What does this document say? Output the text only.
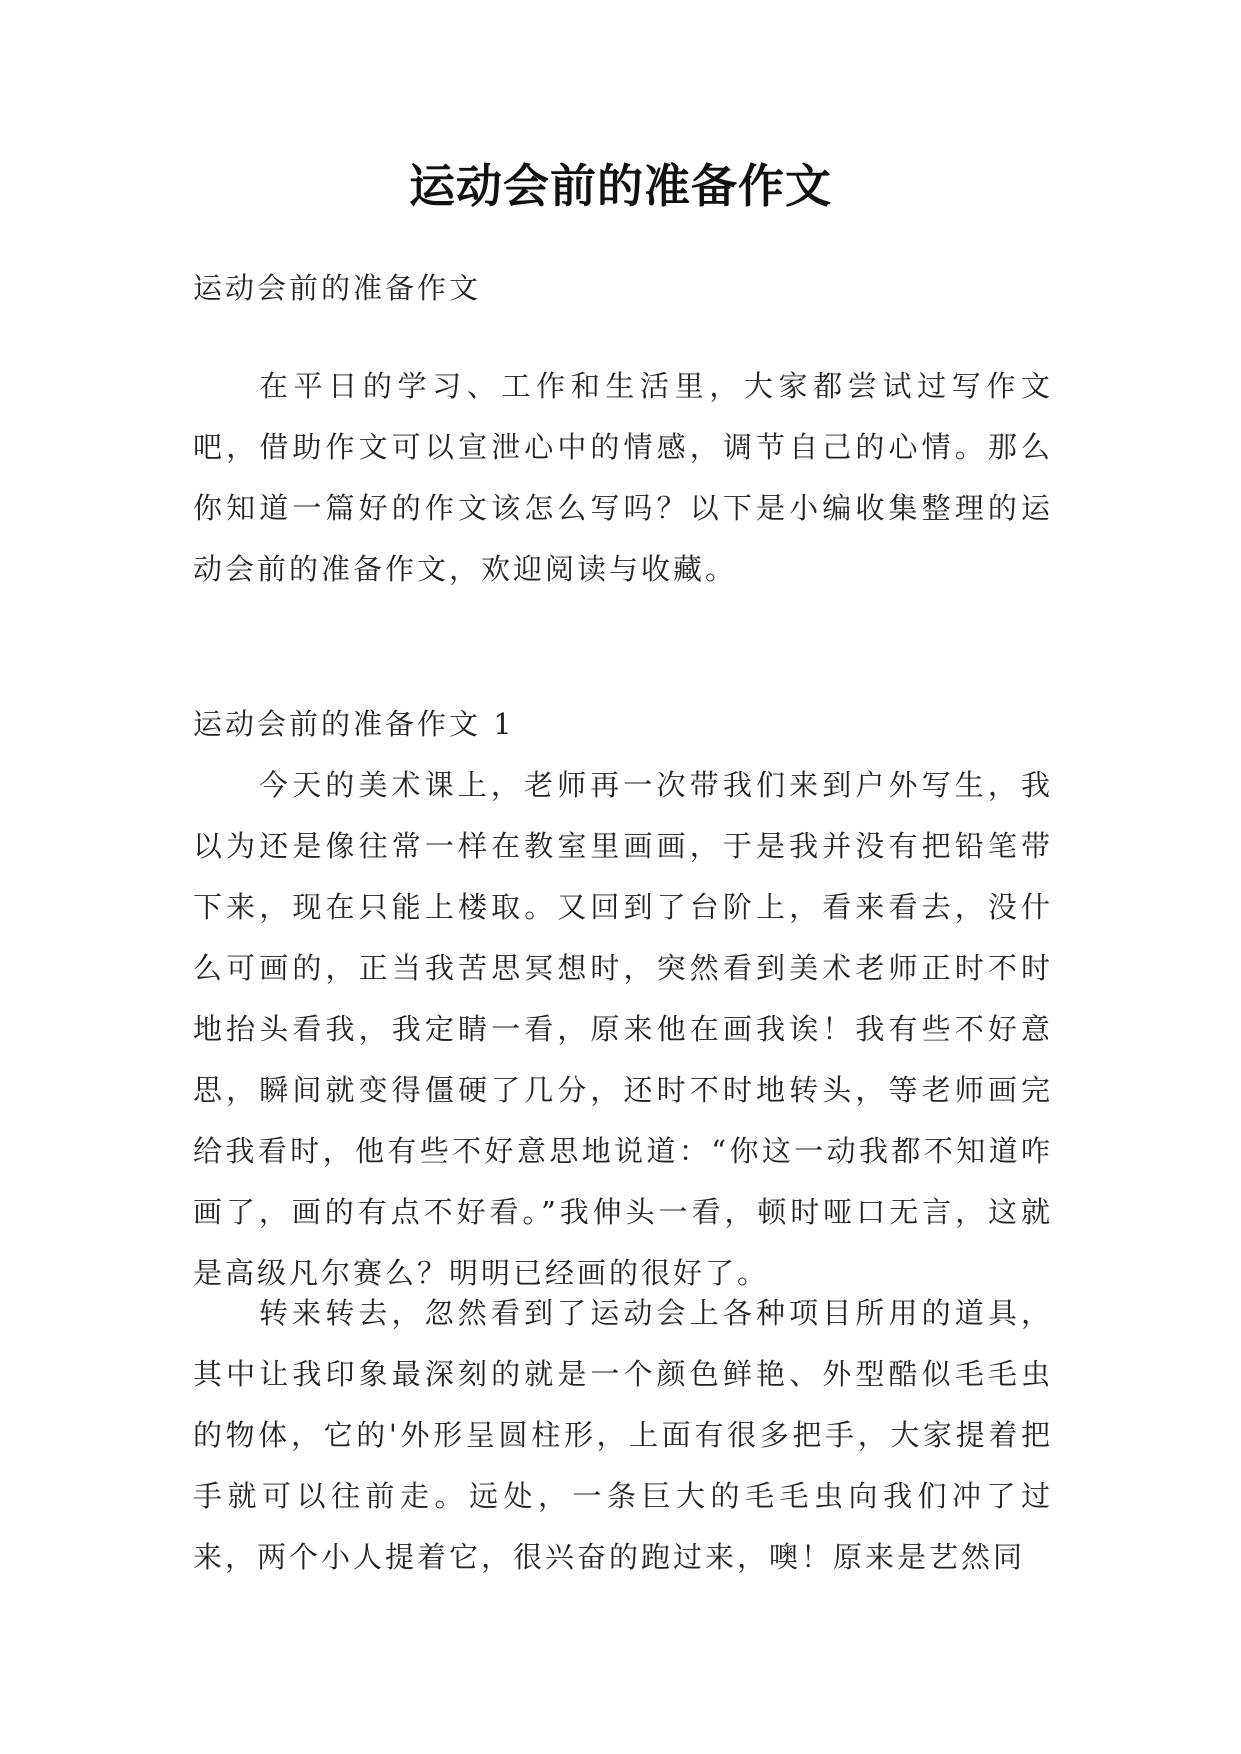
运动会前的准备作文
运动会前的准备作文
在平日的学习、工作和生活里，大家都尝试过写作文吧，借助作文可以宣泄心中的情感，调节自己的心情。那么你知道一篇好的作文该怎么写吗？以下是小编收集整理的运动会前的准备作文，欢迎阅读与收藏。
运动会前的准备作文 1
今天的美术课上，老师再一次带我们来到户外写生，我以为还是像往常一样在教室里画画，于是我并没有把铅笔带下来，现在只能上楼取。又回到了台阶上，看来看去，没什么可画的，正当我苦思冥想时，突然看到美术老师正时不时地抬头看我，我定睛一看，原来他在画我诶！我有些不好意思，瞬间就变得僵硬了几分，还时不时地转头，等老师画完给我看时，他有些不好意思地说道：“你这一动我都不知道咋画了，画的有点不好看。”我伸头一看，顿时哑口无言，这就是高级凡尔赛么？明明已经画的很好了。
转来转去，忽然看到了运动会上各种项目所用的道具，其中让我印象最深刻的就是一个颜色鲜艳、外型酷似毛毛虫的物体，它的'外形呈圆柱形，上面有很多把手，大家提着把手就可以往前走。远处，一条巨大的毛毛虫向我们冲了过来，两个小人提着它，很兴奋的跑过来，噢！原来是艺然同
